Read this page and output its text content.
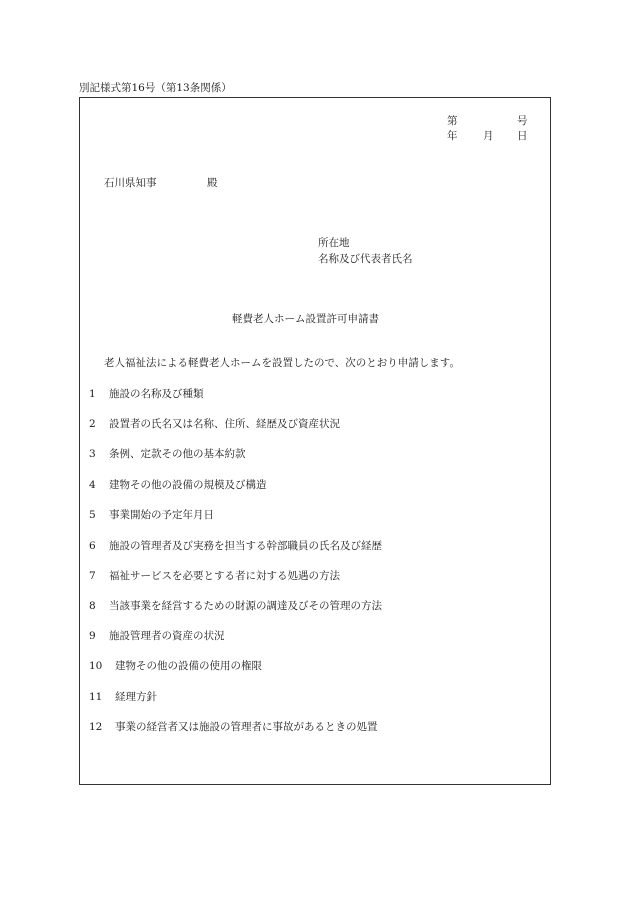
別記様式第16号（第13条関係）
第	号
年 月 日
石川県知事	殿
所在地
名称及び代表者氏名
軽費老人ホーム設置許可申請書
老人福祉法による軽費老人ホームを設置したので、次のとおり申請します。
1 施設の名称及び種類
2 設置者の氏名又は名称、住所、経歴及び資産状況
3 条例、定款その他の基本約款
4 建物その他の設備の規模及び構造
5 事業開始の予定年月日
6 施設の管理者及び実務を担当する幹部職員の氏名及び経歴
7 福祉サービスを必要とする者に対する処遇の方法
8 当該事業を経営するための財源の調達及びその管理の方法
9 施設管理者の資産の状況
10 建物その他の設備の使用の権限
11 経理方針
12 事業の経営者又は施設の管理者に事故があるときの処置
